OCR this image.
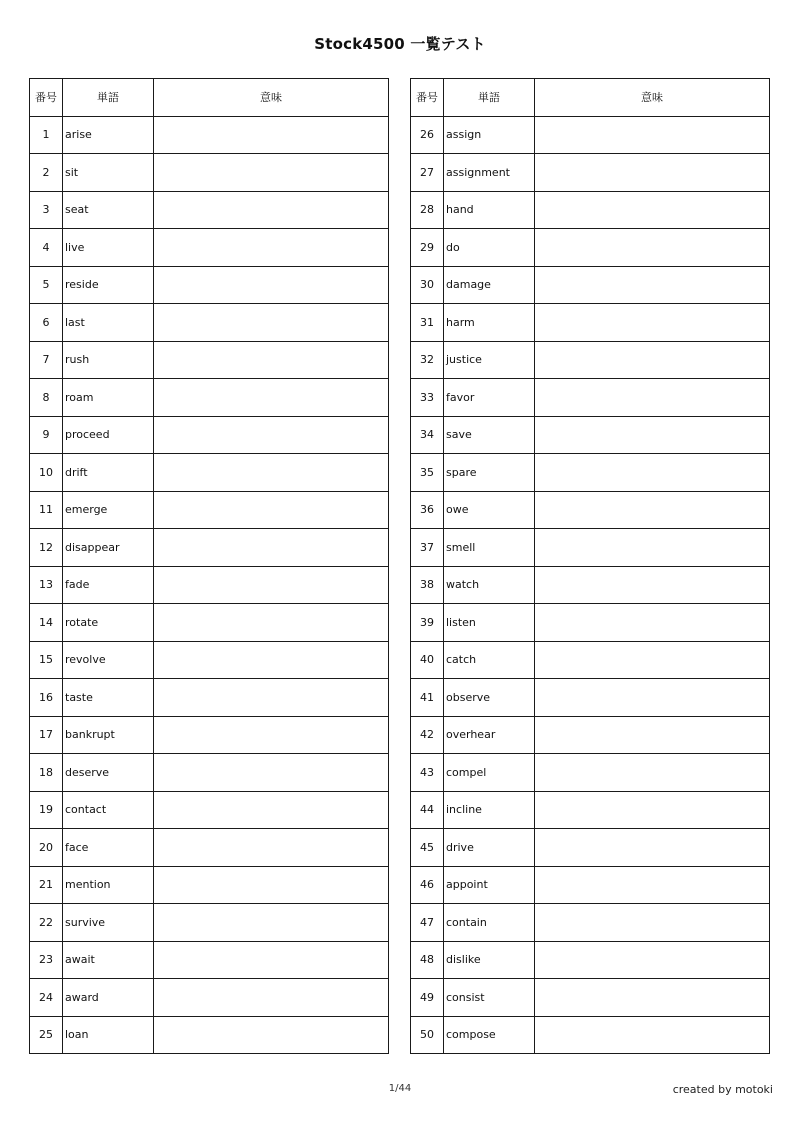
Stock4500 一覧テスト
番号	単語	意味
1	arise	
2	sit	
3	seat	
4	live	
5	reside	
6	last	
7	rush	
8	roam	
9	proceed	
10	drift	
11	emerge	
12	disappear	
13	fade	
14	rotate	
15	revolve	
16	taste	
17	bankrupt	
18	deserve	
19	contact	
20	face	
21	mention	
22	survive	
23	await	
24	award	
25	loan	
番号	単語	意味
26	assign	
27	assignment	
28	hand	
29	do	
30	damage	
31	harm	
32	justice	
33	favor	
34	save	
35	spare	
36	owe	
37	smell	
38	watch	
39	listen	
40	catch	
41	observe	
42	overhear	
43	compel	
44	incline	
45	drive	
46	appoint	
47	contain	
48	dislike	
49	consist	
50	compose	
1/44	created by motoki
